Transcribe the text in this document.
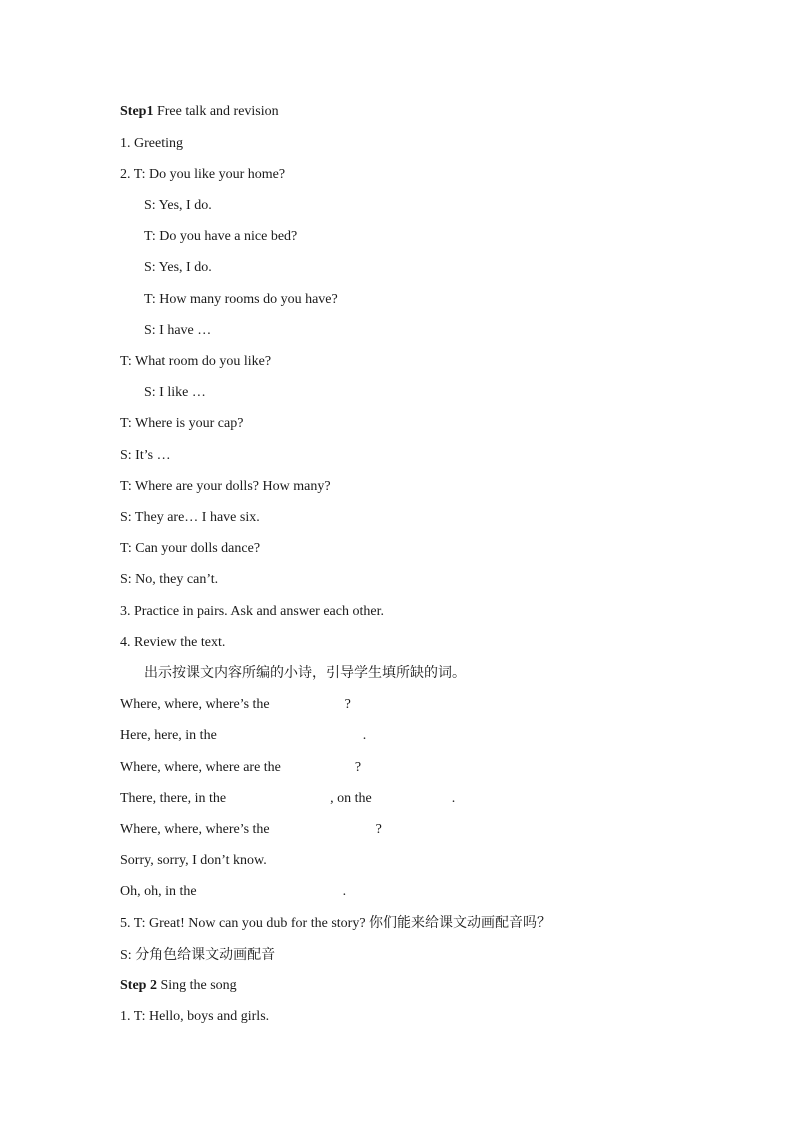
Step1 Free talk and revision
1. Greeting
2. T: Do you like your home?
S: Yes, I do.
T: Do you have a nice bed?
S: Yes, I do.
T: How many rooms do you have?
S: I have …
T: What room do you like?
S: I like …
T: Where is your cap?
S: It’s …
T: Where are your dolls? How many?
S: They are… I have six.
T: Can your dolls dance?
S: No, they can’t.
3. Practice in pairs. Ask and answer each other.
4. Review the text.
出示按课文内容所编的小诗，引导学生填所缺的词。
Where, where, where’s the	?
Here, here, in the	.
Where, where, where are the	?
There, there, in the	, on the	.
Where, where, where’s the	?
Sorry, sorry, I don’t know.
Oh, oh, in the	.
5. T: Great! Now can you dub for the story? 你们能来给课文动画配音吗？
S: 分角色给课文动画配音
Step 2 Sing the song
1. T: Hello, boys and girls.
